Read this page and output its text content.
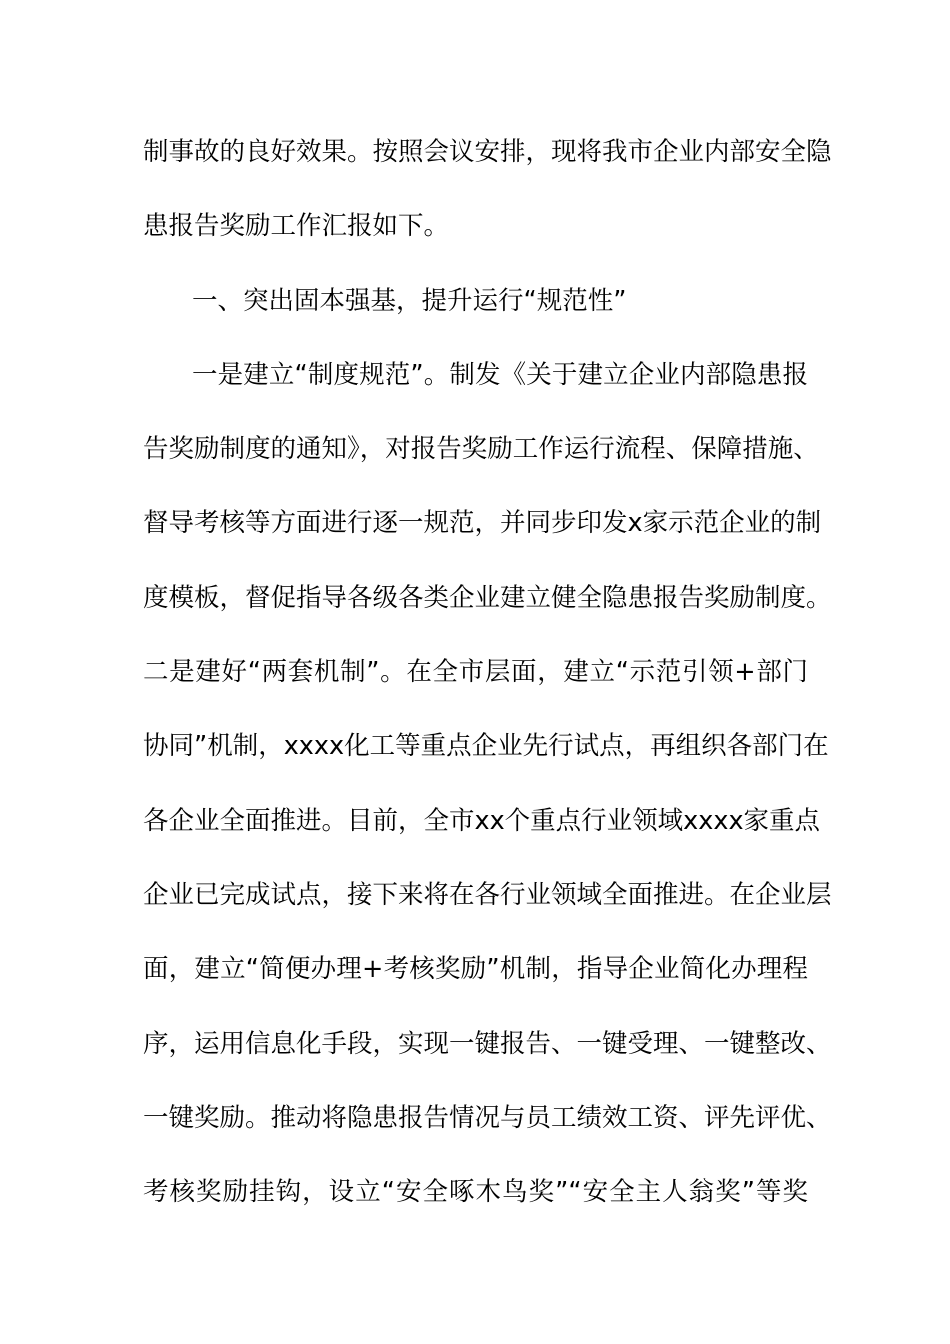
制事故的良好效果。按照会议安排，现将我市企业内部安全隐
患报告奖励工作汇报如下。
一、突出固本强基，提升运行“规范性”
一是建立“制度规范”。制发《关于建立企业内部隐患报
告奖励制度的通知》，对报告奖励工作运行流程、保障措施、
督导考核等方面进行逐一规范，并同步印发x家示范企业的制
度模板，督促指导各级各类企业建立健全隐患报告奖励制度。
二是建好“两套机制”。在全市层面，建立“示范引领+部门
协同”机制，xxxx化工等重点企业先行试点，再组织各部门在
各企业全面推进。目前，全市xx个重点行业领域xxxx家重点
企业已完成试点，接下来将在各行业领域全面推进。在企业层
面，建立“简便办理+考核奖励”机制，指导企业简化办理程
序，运用信息化手段，实现一键报告、一键受理、一键整改、
一键奖励。推动将隐患报告情况与员工绩效工资、评先评优、
考核奖励挂钩，设立“安全啄木鸟奖”“安全主人翁奖”等奖
